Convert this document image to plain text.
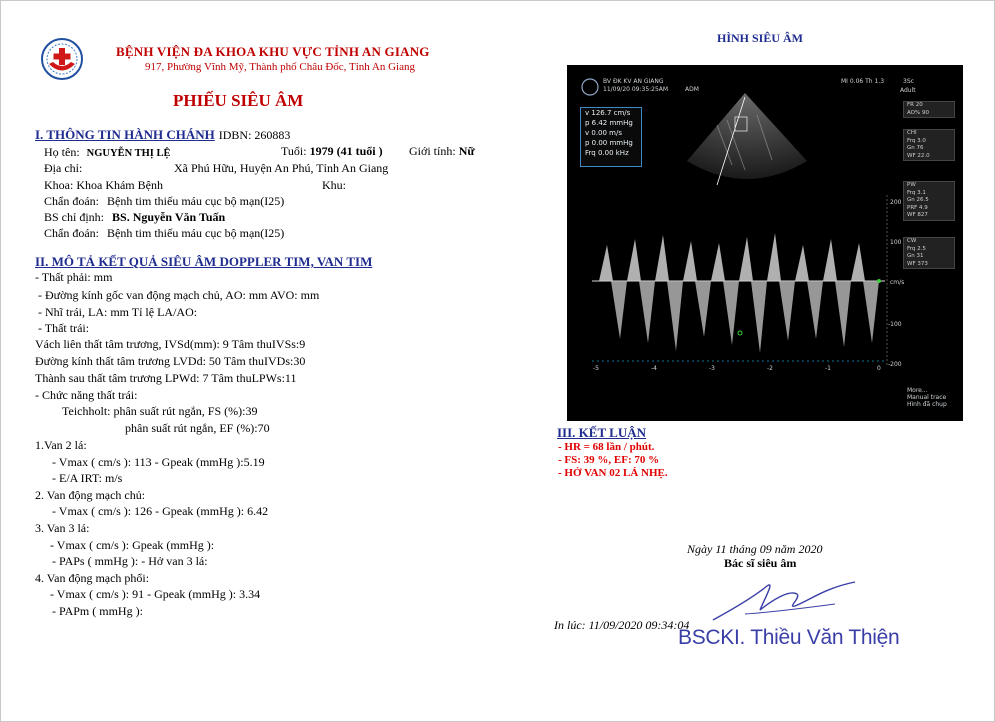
BỆNH VIỆN ĐA KHOA KHU VỰC TỈNH AN GIANG
917, Phường Vĩnh Mỹ, Thành phố Châu Đốc, Tỉnh An Giang
PHIẾU SIÊU ÂM
I. THÔNG TIN HÀNH CHÁNH IDBN: 260883
Họ tên: NGUYỄN THỊ LỆ	Tuổi: 1979 (41 tuổi ) Giới tính: Nữ
Địa chỉ:	Xã Phú Hữu, Huyện An Phú, Tỉnh An Giang
Khoa: Khoa Khám Bệnh	Khu:
Chẩn đoán: Bệnh tim thiếu máu cục bộ mạn(I25)
BS chỉ định: BS. Nguyễn Văn Tuấn
Chẩn đoán: Bệnh tim thiếu máu cục bộ mạn(I25)
II. MÔ TẢ KẾT QUẢ SIÊU ÂM DOPPLER TIM, VAN TIM
- Thất phải: mm
- Đường kính gốc van động mạch chủ, AO: mm AVO: mm
- Nhĩ trái, LA: mm Tỉ lệ LA/AO:
- Thất trái:
Vách liên thất tâm trương, IVSd(mm): 9 Tâm thuIVSs:9
Đường kính thất tâm trương LVDd: 50 Tâm thuIVDs:30
Thành sau thất tâm trương LPWd: 7 Tâm thuLPWs:11
- Chức năng thất trái:
Teichholt: phân suất rút ngắn, FS (%):39
phân suất rút ngắn, EF (%):70
1.Van 2 lá:
- Vmax ( cm/s ): 113 - Gpeak (mmHg ):5.19
- E/A IRT: m/s
2. Van động mạch chủ:
- Vmax ( cm/s ): 126 - Gpeak (mmHg ): 6.42
3. Van 3 lá:
- Vmax ( cm/s ): Gpeak (mmHg ):
- PAPs ( mmHg ): - Hở van 3 lá:
4. Van động mạch phổi:
- Vmax ( cm/s ): 91 - Gpeak (mmHg ): 3.34
- PAPm ( mmHg ):
HÌNH SIÊU ÂM
BV ĐK KV AN GIANG
11/09/20 09:35:25AM	ADM
MI 0.06 Th 1.3	3Sc
Adult
v 126.7 cm/s
p 6.42 mmHg
v 0.00 m/s
p 0.00 mmHg
Frq 0.00 kHz
FR 20
AO% 90
CHI
Frq 3.0
Gn 76
WF 22.0
PW
Frq 3.1
Gn 26.5
PRF 4.9
WF 827
CW
Frq 2.5
Gn 31
WF 373
200
100
cm/s
-100
-200
-5	-4	-3	-2	-1	0
More...
Manual trace
Hình đã chụp
III. KẾT LUẬN
- HR = 68 lần / phút.
- FS: 39 %, EF: 70 %
- HỞ VAN 02 LÁ NHẸ.
Ngày 11 tháng 09 năm 2020
Bác sĩ siêu âm
In lúc: 11/09/2020 09:34:04
BSCKI. Thiều Văn Thiện
